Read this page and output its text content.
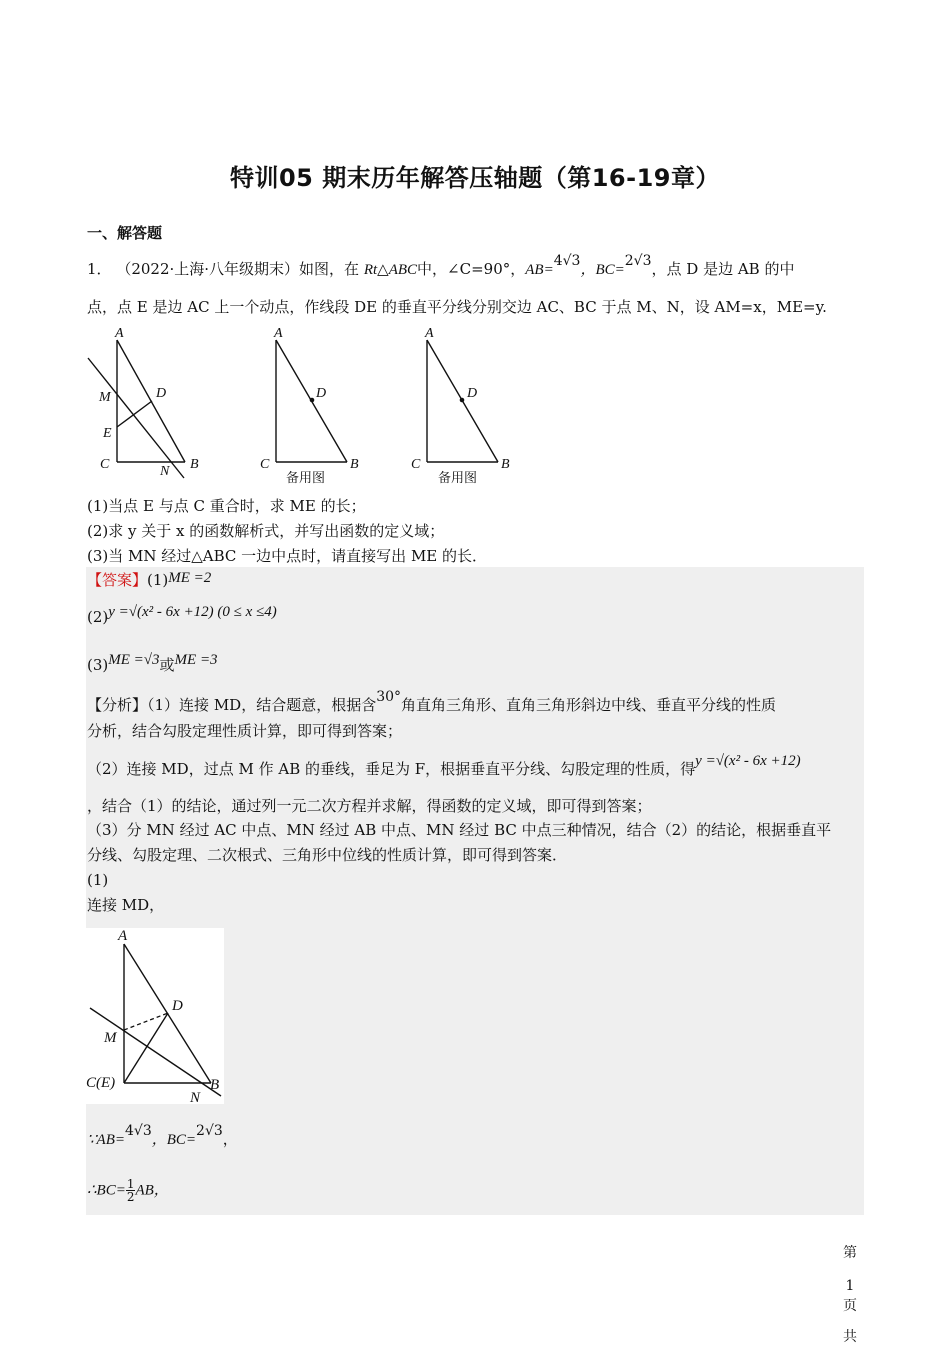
特训05 期末历年解答压轴题（第16-19章）
一、解答题
1． （2022·上海·八年级期末）如图，在 Rt△ABC中，∠C=90°，AB=4√3，BC=2√3，点 D 是边 AB 的中
点，点 E 是边 AC 上一个动点，作线段 DE 的垂直平分线分别交边 AC、BC 于点 M、N，设 AM=x，ME=y.
A
B
C
D
E
M
N
A
D
C	B
备用图
A
D
C	B
备用图
(1)当点 E 与点 C 重合时，求 ME 的长；
(2)求 y 关于 x 的函数解析式，并写出函数的定义域；
(3)当 MN 经过△ABC 一边中点时，请直接写出 ME 的长．
【答案】(1)ME =2
(2)y =√(x² - 6x +12) (0 ≤ x ≤4)
(3)ME =√3或ME =3
【分析】（1）连接 MD，结合题意，根据含30°角直角三角形、直角三角形斜边中线、垂直平分线的性质
分析，结合勾股定理性质计算，即可得到答案；
（2）连接 MD，过点 M 作 AB 的垂线，垂足为 F，根据垂直平分线、勾股定理的性质，得y =√(x² - 6x +12)
，结合（1）的结论，通过列一元二次方程并求解，得函数的定义域，即可得到答案；
（3）分 MN 经过 AC 中点、MN 经过 AB 中点、MN 经过 BC 中点三种情况，结合（2）的结论，根据垂直平
分线、勾股定理、二次根式、三角形中位线的性质计算，即可得到答案．
(1)
连接 MD，
A
D
M
C(E)	B
N
∵AB=4√3，BC=2√3，
∴BC= $\frac{1}{2}$ AB，
第
1
页
共
